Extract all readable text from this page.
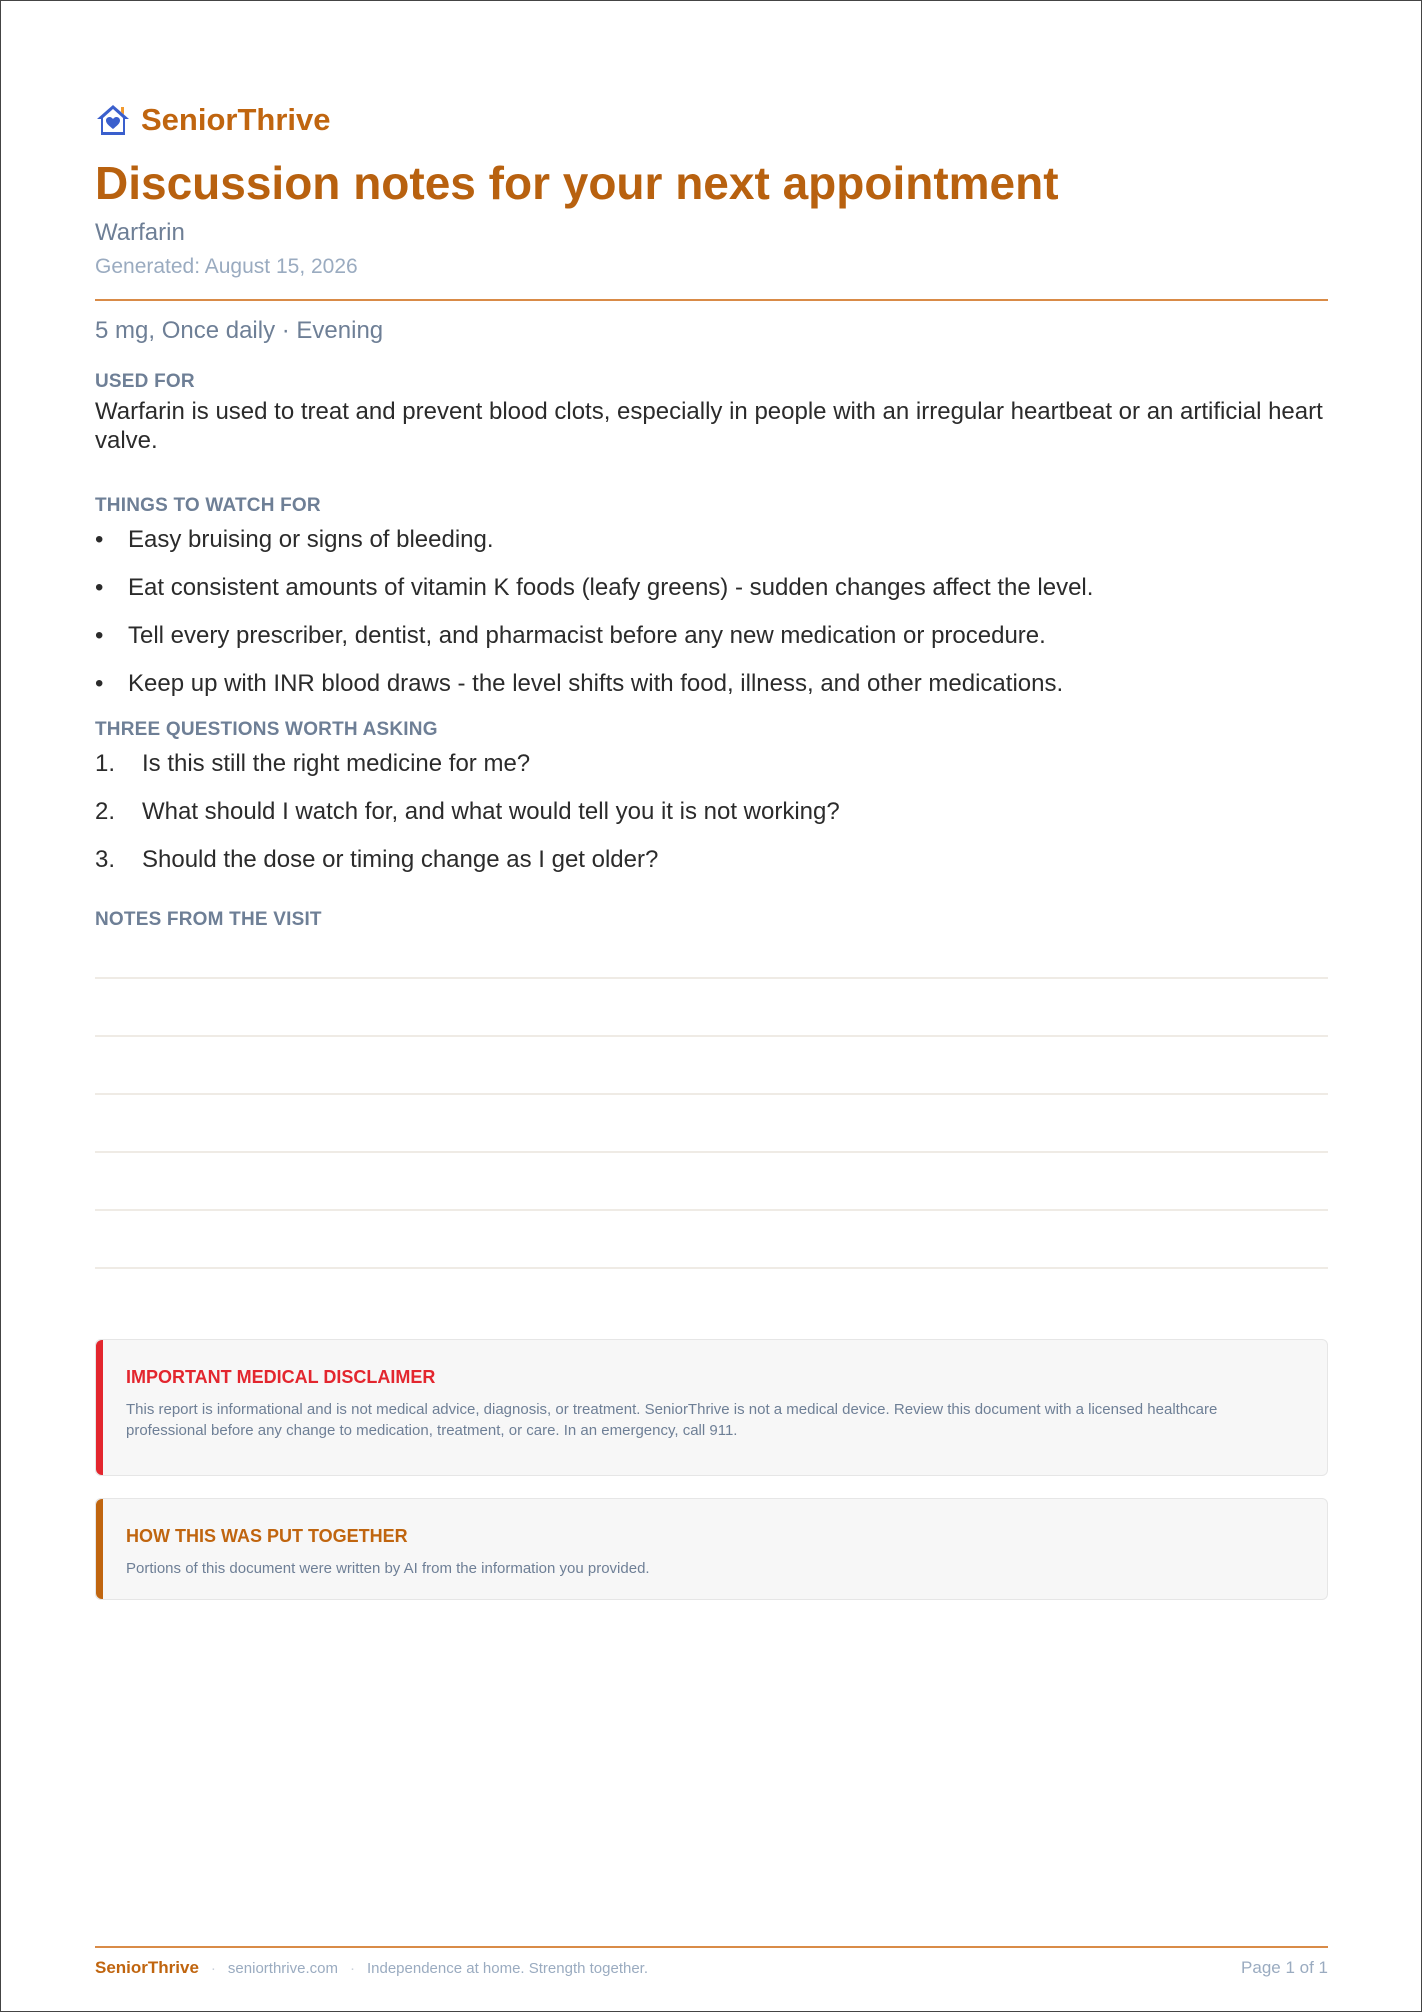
SeniorThrive
Discussion notes for your next appointment
Warfarin
Generated: August 15, 2026
5 mg, Once daily · Evening
USED FOR
Warfarin is used to treat and prevent blood clots, especially in people with an irregular heartbeat or an artificial heart valve.
THINGS TO WATCH FOR
•	Easy bruising or signs of bleeding.
•	Eat consistent amounts of vitamin K foods (leafy greens) - sudden changes affect the level.
•	Tell every prescriber, dentist, and pharmacist before any new medication or procedure.
•	Keep up with INR blood draws - the level shifts with food, illness, and other medications.
THREE QUESTIONS WORTH ASKING
1. Is this still the right medicine for me?
2. What should I watch for, and what would tell you it is not working?
3. Should the dose or timing change as I get older?
NOTES FROM THE VISIT
IMPORTANT MEDICAL DISCLAIMER
This report is informational and is not medical advice, diagnosis, or treatment. SeniorThrive is not a medical device. Review this document with a licensed healthcare professional before any change to medication, treatment, or care. In an emergency, call 911.
HOW THIS WAS PUT TOGETHER
Portions of this document were written by AI from the information you provided.
SeniorThrive · seniorthrive.com · Independence at home. Strength together.	Page 1 of 1
